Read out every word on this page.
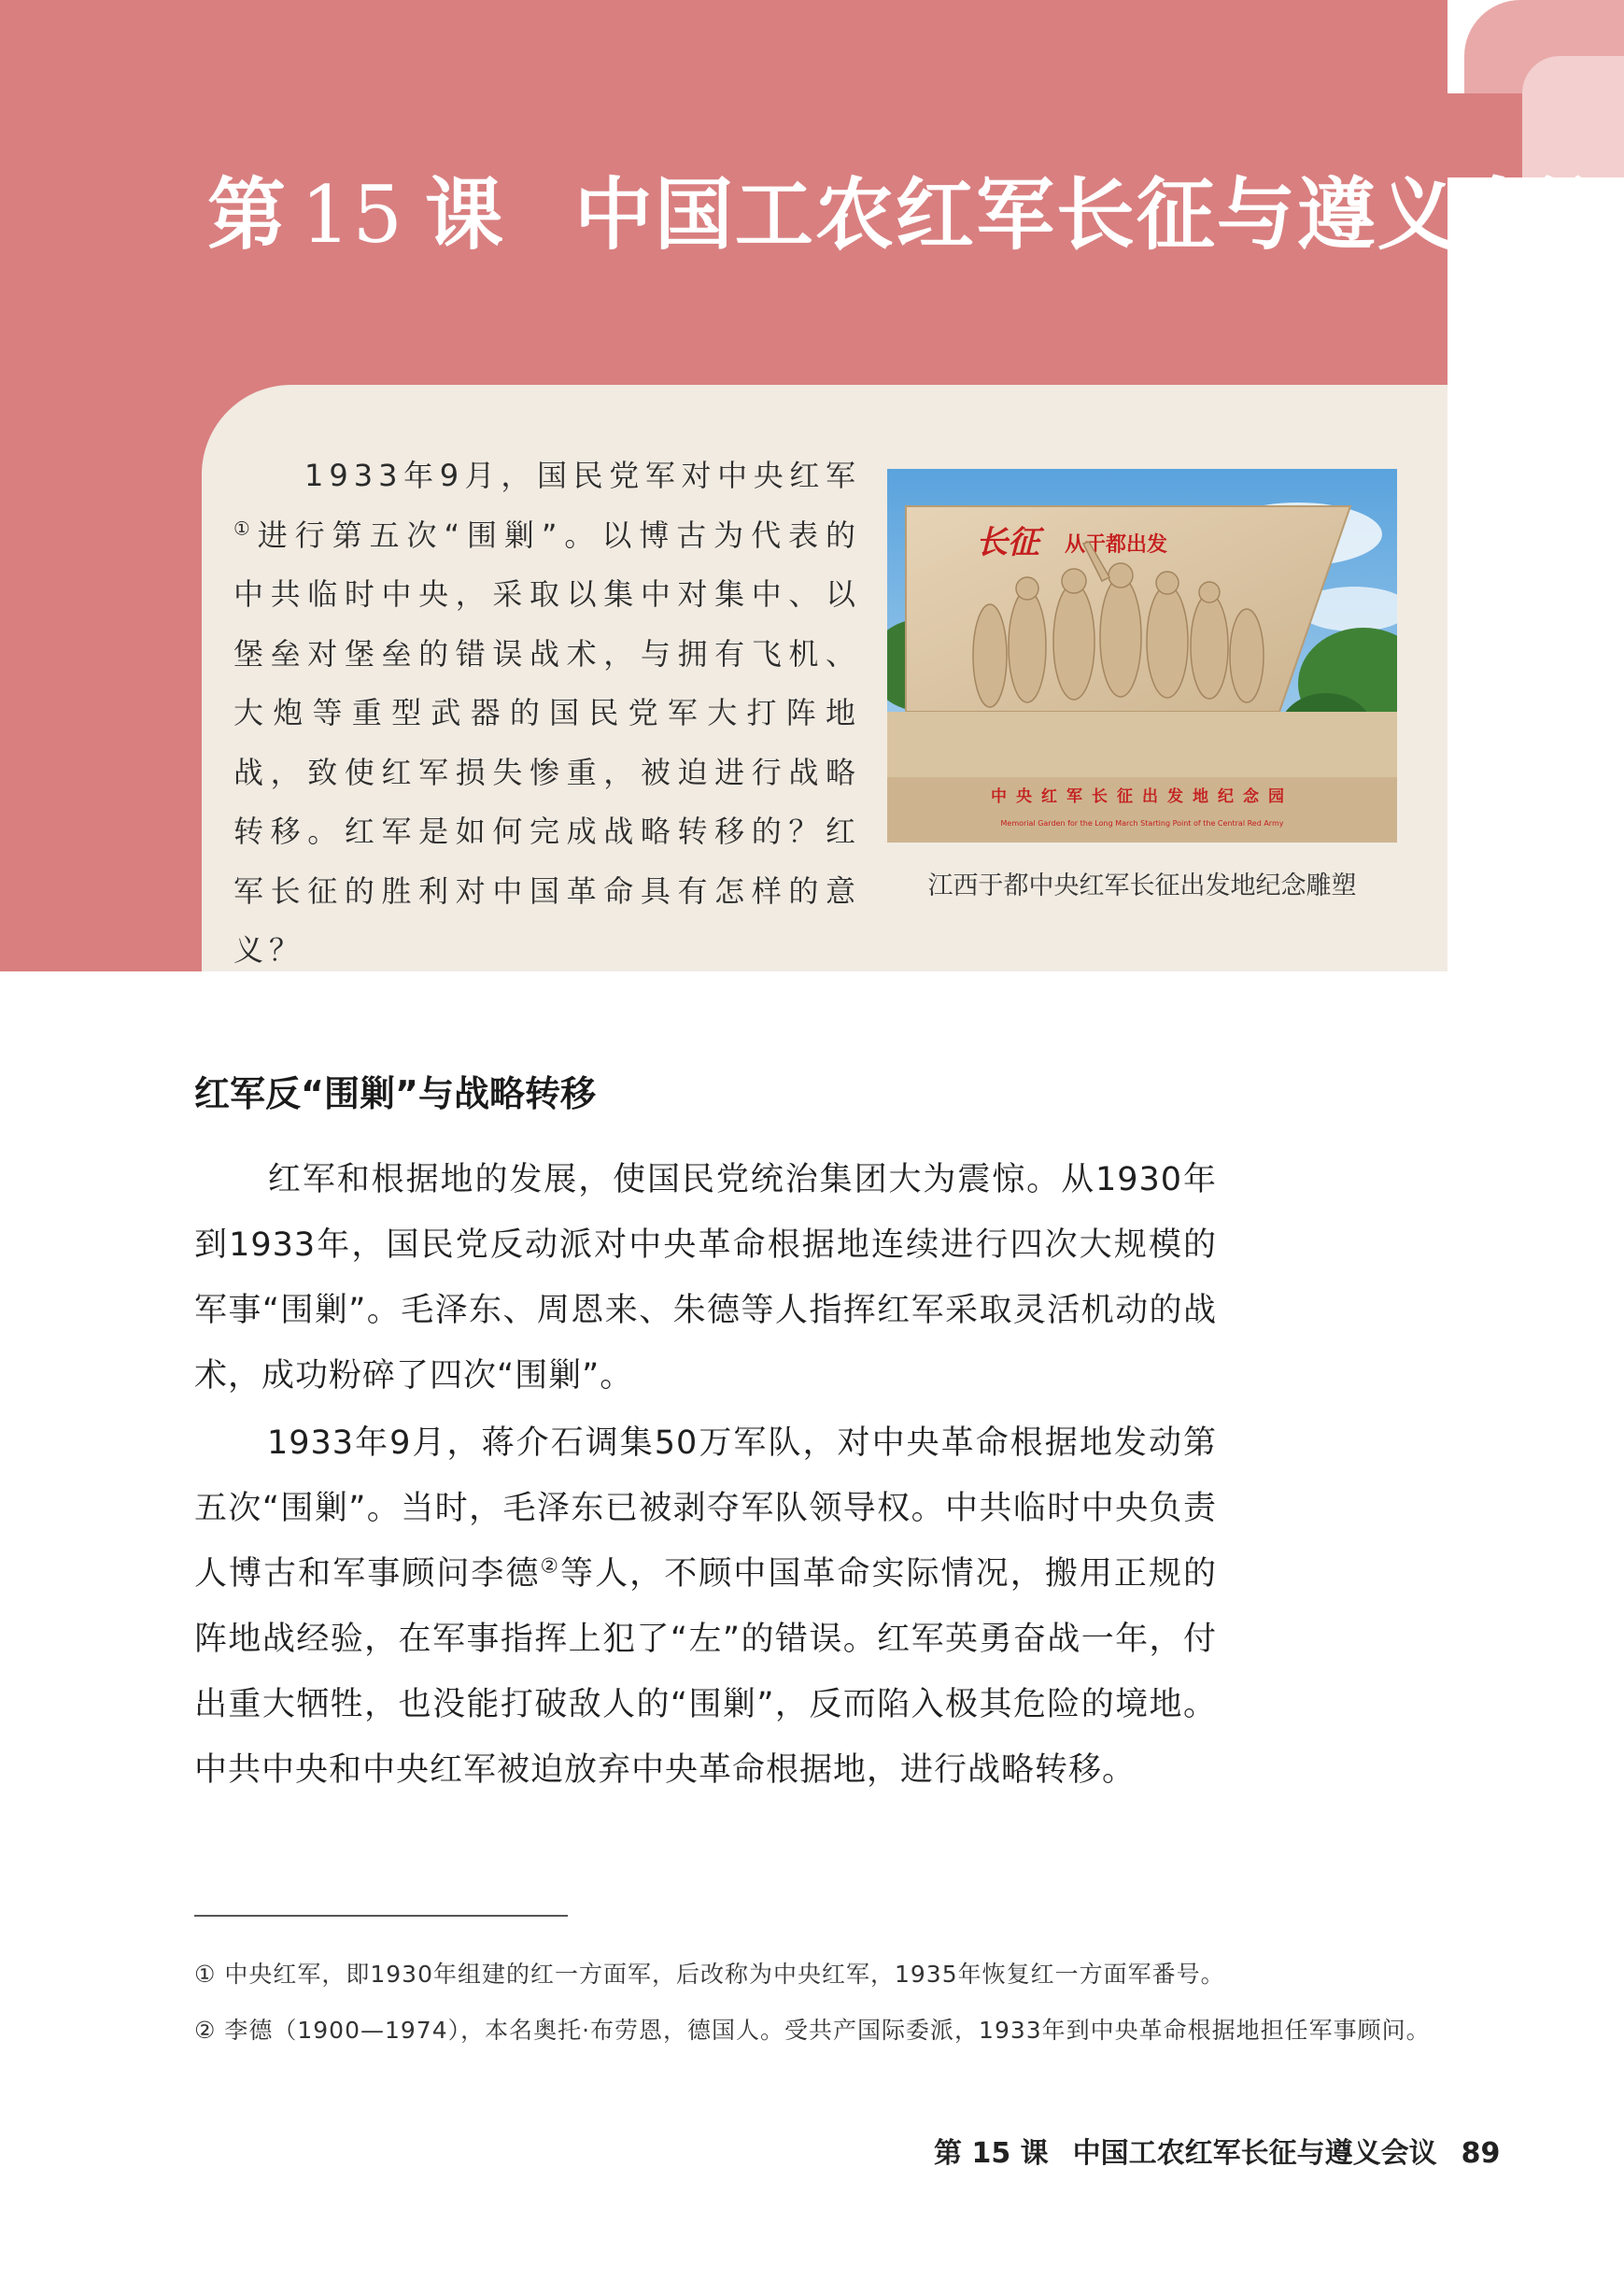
第 15 课 中国工农红军长征与遵义会议
1933年9月，国民党军对中央红军①进行第五次“围剿”。以博古为代表的中共临时中央，采取以集中对集中、以堡垒对堡垒的错误战术，与拥有飞机、大炮等重型武器的国民党军大打阵地战，致使红军损失惨重，被迫进行战略转移。红军是如何完成战略转移的？红军长征的胜利对中国革命具有怎样的意义？
长征 从于都出发
中央红军长征出发地纪念园
Memorial Garden for the Long March Starting Point of the Central Red Army
江西于都中央红军长征出发地纪念雕塑
红军反“围剿”与战略转移

红军和根据地的发展，使国民党统治集团大为震惊。从1930年到1933年，国民党反动派对中央革命根据地连续进行四次大规模的军事“围剿”。毛泽东、周恩来、朱德等人指挥红军采取灵活机动的战术，成功粉碎了四次“围剿”。

1933年9月，蒋介石调集50万军队，对中央革命根据地发动第五次“围剿”。当时，毛泽东已被剥夺军队领导权。中共临时中央负责人博古和军事顾问李德②等人，不顾中国革命实际情况，搬用正规的阵地战经验，在军事指挥上犯了“左”的错误。红军英勇奋战一年，付出重大牺牲，也没能打破敌人的“围剿”，反而陷入极其危险的境地。中共中央和中央红军被迫放弃中央革命根据地，进行战略转移。

① 中央红军，即1930年组建的红一方面军，后改称为中央红军，1935年恢复红一方面军番号。
② 李德（1900—1974），本名奥托·布劳恩，德国人。受共产国际委派，1933年到中央革命根据地担任军事顾问。
第 15 课 中国工农红军长征与遵义会议 89
